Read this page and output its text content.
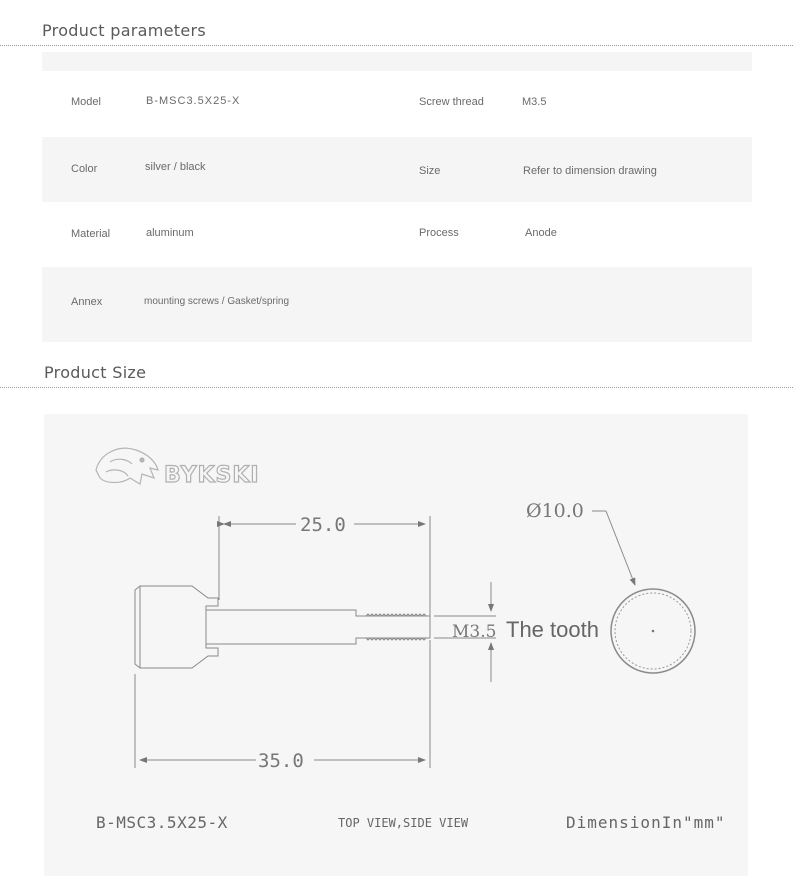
Product parameters
Model	B-MSC3.5X25-X	Screw thread	M3.5
Color	silver / black	Size	Refer to dimension drawing
Material	aluminum	Process	Anode
Annex	mounting screws / Gasket/spring
Product Size
BYKSKI
25.0
35.0
M3.5 The tooth
Ø10.0
B-MSC3.5X25-X	TOP VIEW,SIDE VIEW	DimensionIn"mm"
